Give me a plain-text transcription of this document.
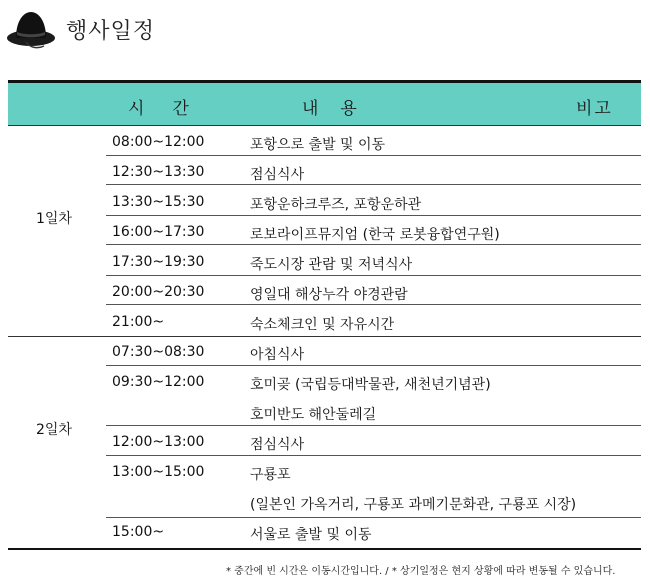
행사일정
시간	내용	비고
1일차
08:00~12:00	포항으로 출발 및 이동
12:30~13:30	점심식사
13:30~15:30	포항운하크루즈, 포항운하관
16:00~17:30	로보라이프뮤지엄 (한국 로봇융합연구원)
17:30~19:30	죽도시장 관람 및 저녁식사
20:00~20:30	영일대 해상누각 야경관람
21:00~	숙소체크인 및 자유시간
2일차
07:30~08:30	아침식사
09:30~12:00	호미곶 (국립등대박물관, 새천년기념관)
호미반도 해안둘레길
12:00~13:00	점심식사
13:00~15:00	구룡포
(일본인 가옥거리, 구룡포 과메기문화관, 구룡포 시장)
15:00~	서울로 출발 및 이동
* 중간에 빈 시간은 이동시간입니다. / * 상기일정은 현지 상황에 따라 변동될 수 있습니다.
